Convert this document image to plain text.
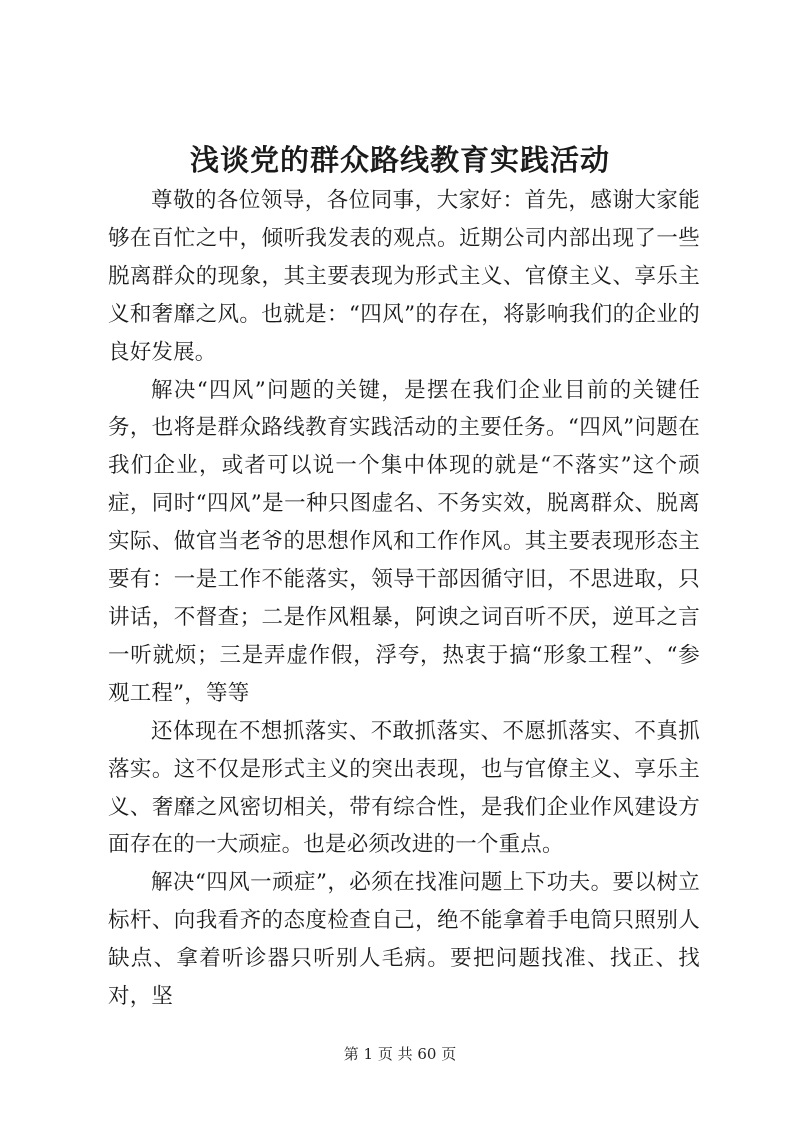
浅谈党的群众路线教育实践活动

尊敬的各位领导，各位同事，大家好：首先，感谢大家能够在百忙之中，倾听我发表的观点。近期公司内部出现了一些脱离群众的现象，其主要表现为形式主义、官僚主义、享乐主义和奢靡之风。也就是：“四风”的存在，将影响我们的企业的良好发展。

解决“四风”问题的关键，是摆在我们企业目前的关键任务，也将是群众路线教育实践活动的主要任务。“四风”问题在我们企业，或者可以说一个集中体现的就是“不落实”这个顽症，同时“四风”是一种只图虚名、不务实效，脱离群众、脱离实际、做官当老爷的思想作风和工作作风。其主要表现形态主要有：一是工作不能落实，领导干部因循守旧，不思进取，只讲话，不督查；二是作风粗暴，阿谀之词百听不厌，逆耳之言一听就烦；三是弄虚作假，浮夸，热衷于搞“形象工程”、“参观工程”，等等

还体现在不想抓落实、不敢抓落实、不愿抓落实、不真抓落实。这不仅是形式主义的突出表现，也与官僚主义、享乐主义、奢靡之风密切相关，带有综合性，是我们企业作风建设方面存在的一大顽症。也是必须改进的一个重点。

解决“四风一顽症”，必须在找准问题上下功夫。要以树立标杆、向我看齐的态度检查自己，绝不能拿着手电筒只照别人缺点、拿着听诊器只听别人毛病。要把问题找准、找正、找对，坚

第 1 页 共 60 页
